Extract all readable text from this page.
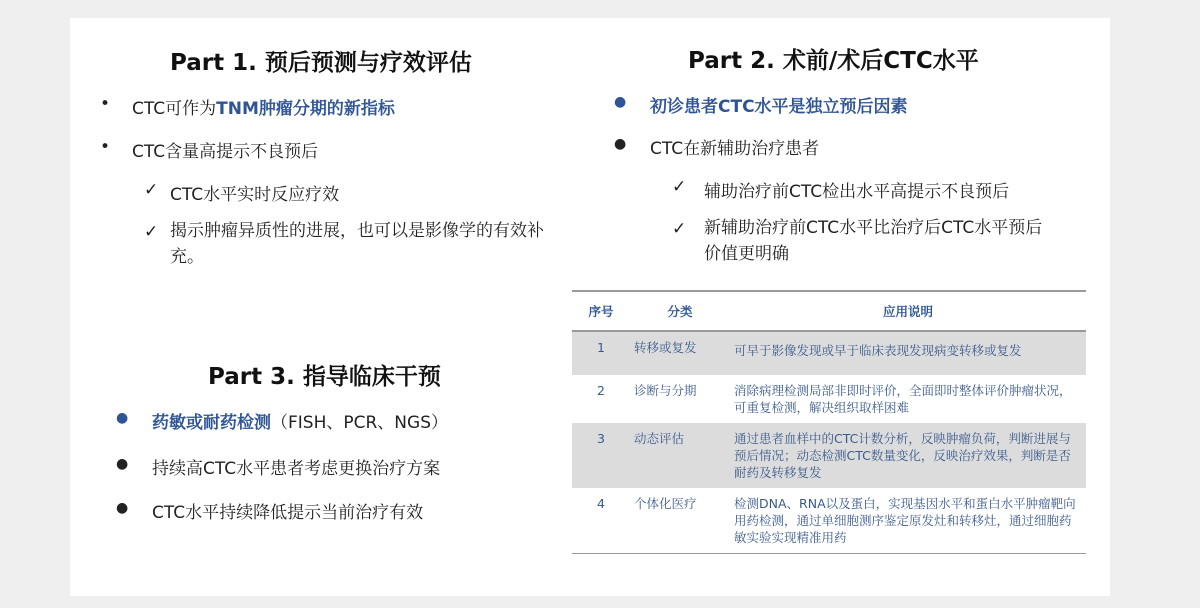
Part 1. 预后预测与疗效评估
• CTC可作为TNM肿瘤分期的新指标
• CTC含量高提示不良预后
✓ CTC水平实时反应疗效
✓ 揭示肿瘤异质性的进展，也可以是影像学的有效补充。
Part 2. 术前/术后CTC水平
● 初诊患者CTC水平是独立预后因素
● CTC在新辅助治疗患者
✓ 辅助治疗前CTC检出水平高提示不良预后
✓ 新辅助治疗前CTC水平比治疗后CTC水平预后价值更明确
Part 3. 指导临床干预
● 药敏或耐药检测（FISH、PCR、NGS）
● 持续高CTC水平患者考虑更换治疗方案
● CTC水平持续降低提示当前治疗有效
序号	分类	应用说明
1	转移或复发	可早于影像发现或早于临床表现发现病变转移或复发
2	诊断与分期	消除病理检测局部非即时评价，全面即时整体评价肿瘤状况，可重复检测，解决组织取样困难
3	动态评估	通过患者血样中的CTC计数分析，反映肿瘤负荷，判断进展与预后情况；动态检测CTC数量变化，反映治疗效果，判断是否耐药及转移复发
4	个体化医疗	检测DNA、RNA以及蛋白，实现基因水平和蛋白水平肿瘤靶向用药检测，通过单细胞测序鉴定原发灶和转移灶，通过细胞药敏实验实现精准用药
